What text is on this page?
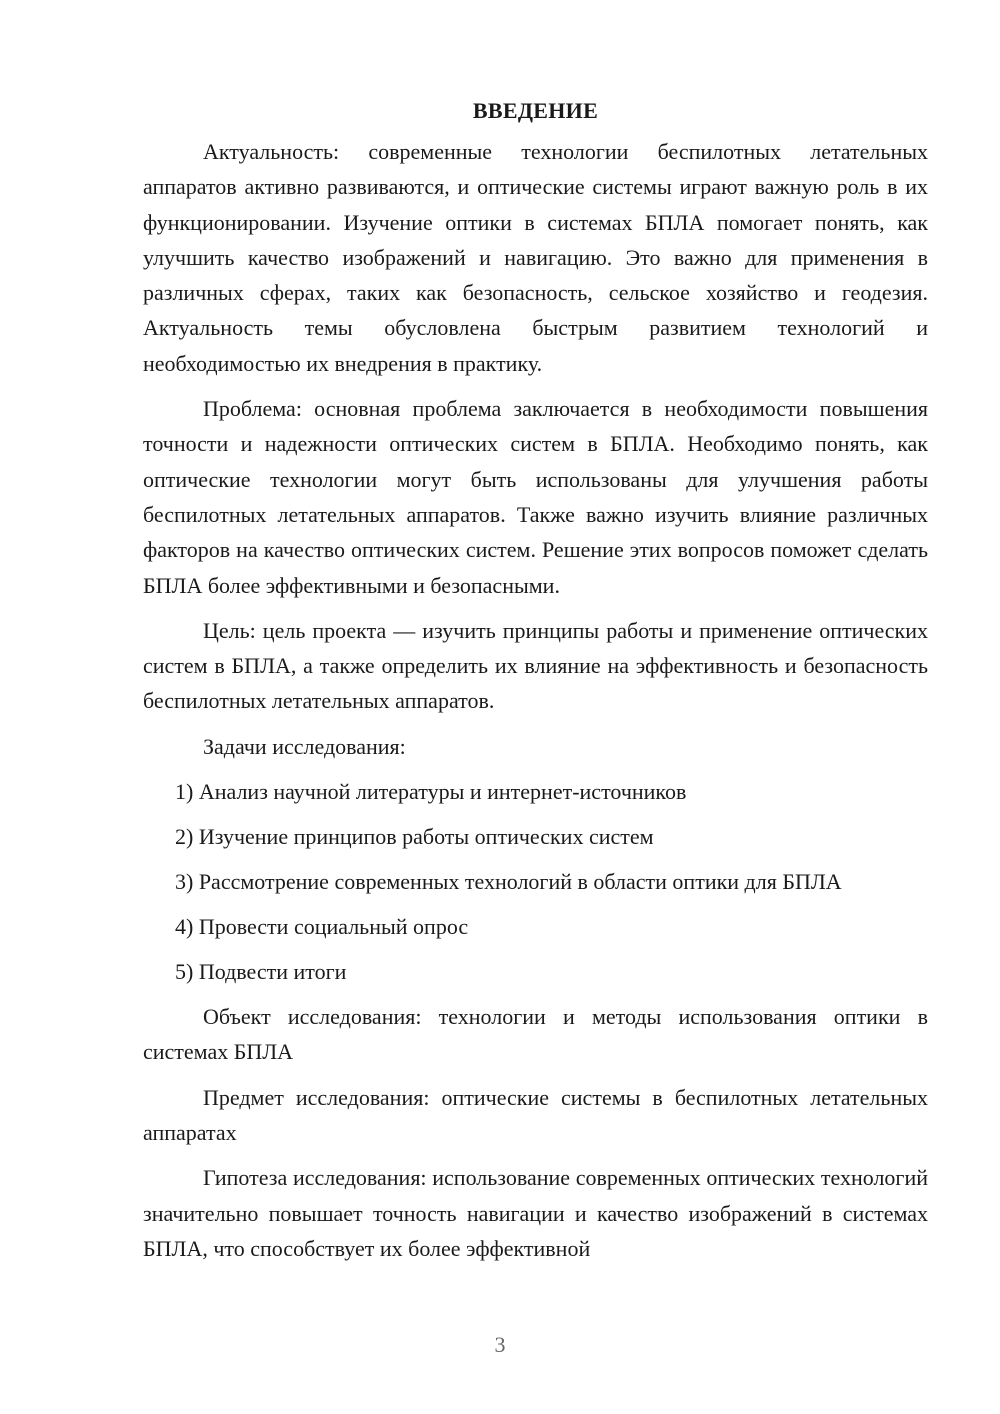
ВВЕДЕНИЕ

Актуальность: современные технологии беспилотных летательных аппаратов активно развиваются, и оптические системы играют важную роль в их функционировании. Изучение оптики в системах БПЛА помогает понять, как улучшить качество изображений и навигацию. Это важно для применения в различных сферах, таких как безопасность, сельское хозяйство и геодезия. Актуальность темы обусловлена быстрым развитием технологий и необходимостью их внедрения в практику.

Проблема: основная проблема заключается в необходимости повышения точности и надежности оптических систем в БПЛА. Необходимо понять, как оптические технологии могут быть использованы для улучшения работы беспилотных летательных аппаратов. Также важно изучить влияние различных факторов на качество оптических систем. Решение этих вопросов поможет сделать БПЛА более эффективными и безопасными.

Цель: цель проекта — изучить принципы работы и применение оптических систем в БПЛА, а также определить их влияние на эффективность и безопасность беспилотных летательных аппаратов.

Задачи исследования:

1) Анализ научной литературы и интернет-источников

2) Изучение принципов работы оптических систем

3) Рассмотрение современных технологий в области оптики для БПЛА

4) Провести социальный опрос

5) Подвести итоги

Объект исследования: технологии и методы использования оптики в системах БПЛА

Предмет исследования: оптические системы в беспилотных летательных аппаратах

Гипотеза исследования: использование современных оптических технологий значительно повышает точность навигации и качество изображений в системах БПЛА, что способствует их более эффективной

3
